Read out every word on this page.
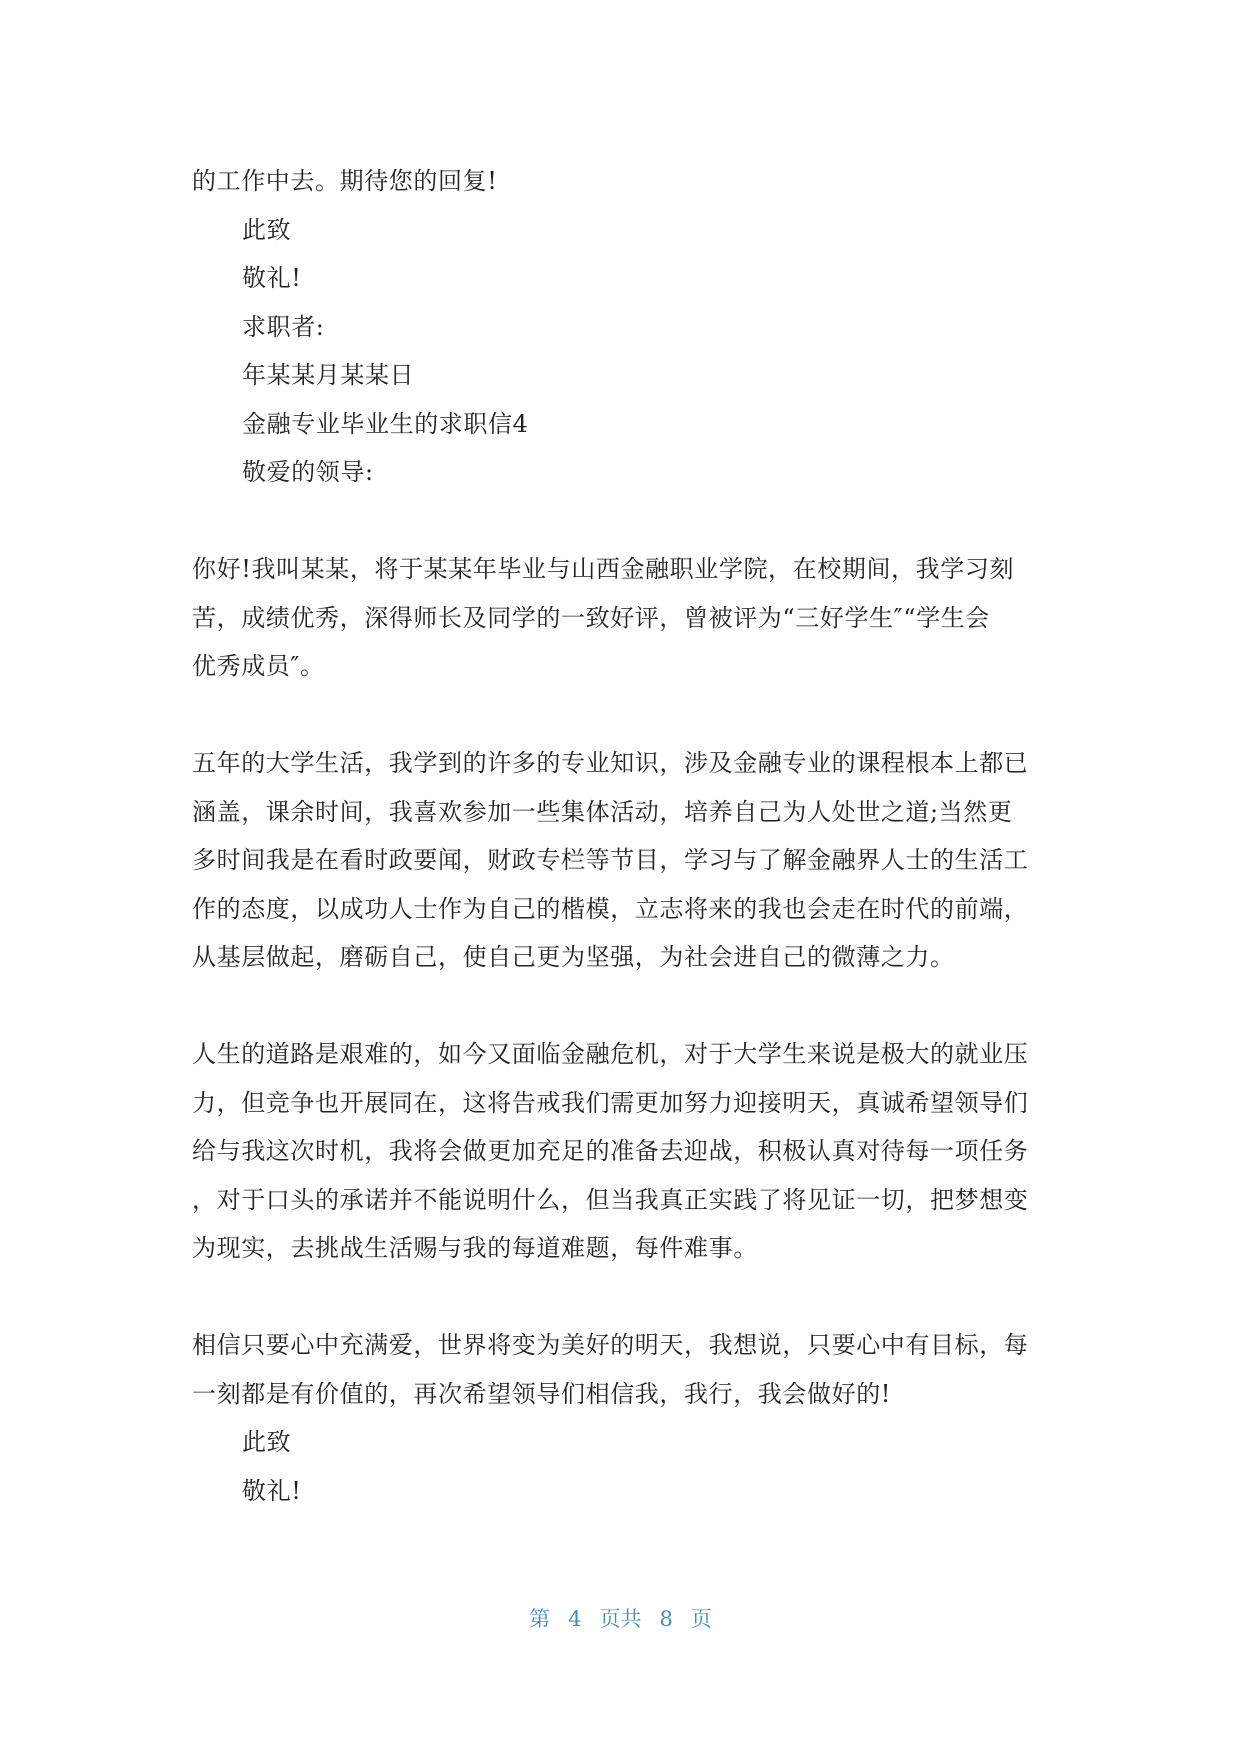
的工作中去。期待您的回复!
此致
敬礼!
求职者:
年某某月某某日
金融专业毕业生的求职信4
敬爱的领导:
你好!我叫某某，将于某某年毕业与山西金融职业学院，在校期间，我学习刻
苦，成绩优秀，深得师长及同学的一致好评，曾被评为“三好学生″“学生会
优秀成员″。
五年的大学生活，我学到的许多的专业知识，涉及金融专业的课程根本上都已
涵盖，课余时间，我喜欢参加一些集体活动，培养自己为人处世之道;当然更
多时间我是在看时政要闻，财政专栏等节目，学习与了解金融界人士的生活工
作的态度，以成功人士作为自己的楷模，立志将来的我也会走在时代的前端，
从基层做起，磨砺自己，使自己更为坚强，为社会进自己的微薄之力。
人生的道路是艰难的，如今又面临金融危机，对于大学生来说是极大的就业压
力，但竞争也开展同在，这将告戒我们需更加努力迎接明天，真诚希望领导们
给与我这次时机，我将会做更加充足的准备去迎战，积极认真对待每一项任务
，对于口头的承诺并不能说明什么，但当我真正实践了将见证一切，把梦想变
为现实，去挑战生活赐与我的每道难题，每件难事。
相信只要心中充满爱，世界将变为美好的明天，我想说，只要心中有目标，每
一刻都是有价值的，再次希望领导们相信我，我行，我会做好的!
此致
敬礼!
第 4 页共 8 页
